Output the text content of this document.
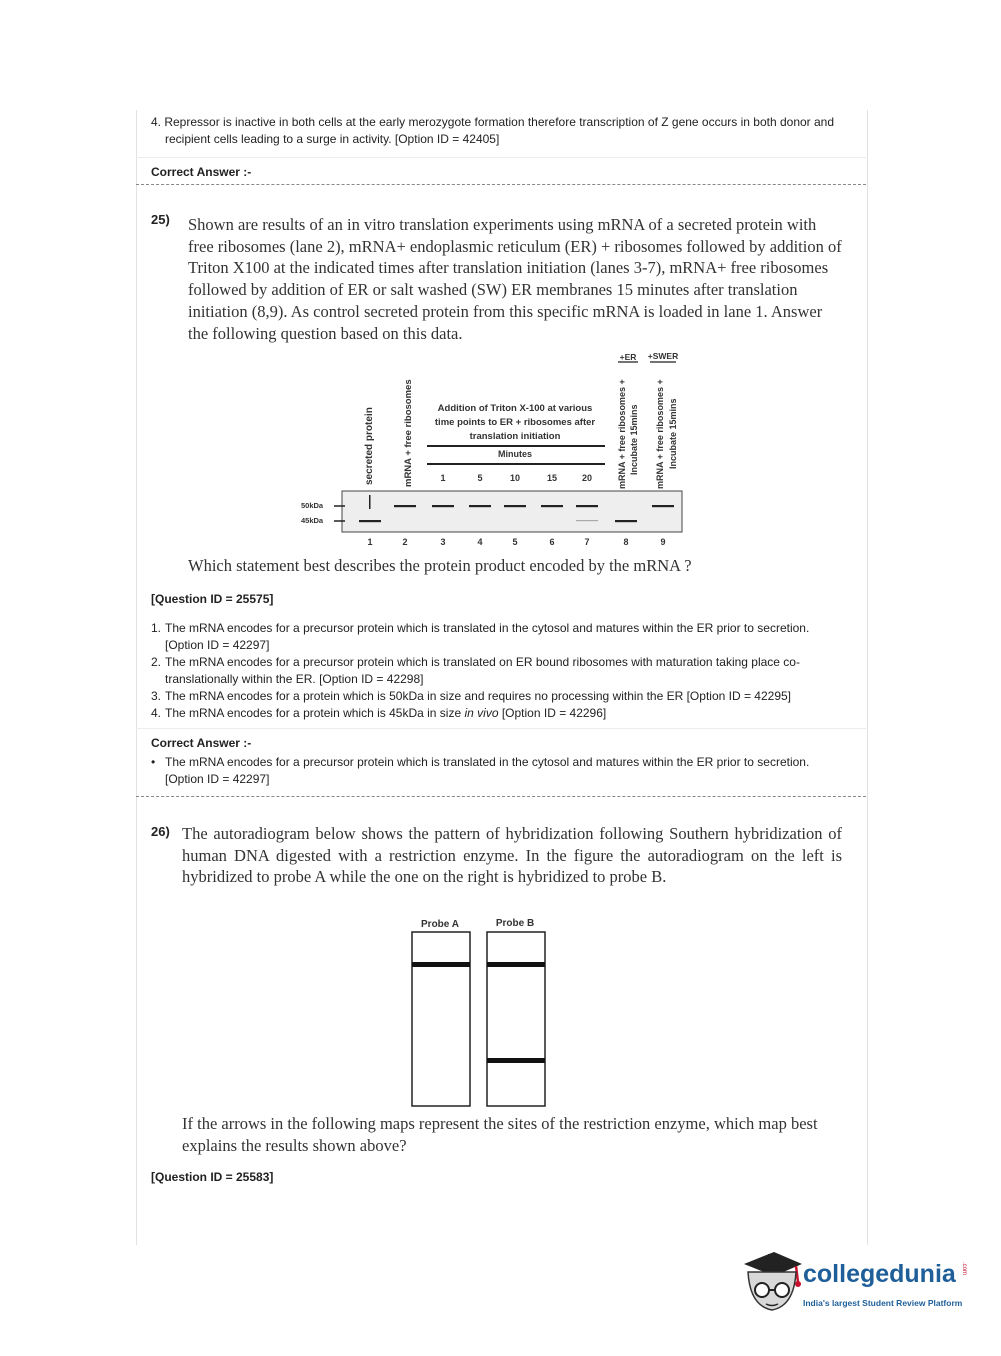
4. Repressor is inactive in both cells at the early merozygote formation therefore transcription of Z gene occurs in both donor and recipient cells leading to a surge in activity. [Option ID = 42405]
Correct Answer :-
25) Shown are results of an in vitro translation experiments using mRNA of a secreted protein with free ribosomes (lane 2), mRNA+ endoplasmic reticulum (ER) + ribosomes followed by addition of Triton X100 at the indicated times after translation initiation (lanes 3-7), mRNA+ free ribosomes followed by addition of ER or salt washed (SW) ER membranes 15 minutes after translation initiation (8,9). As control secreted protein from this specific mRNA is loaded in lane 1. Answer the following question based on this data.
secreted protein	mRNA + free ribosomes Addition of Triton X-100 at various
time points to ER + ribosomes after
translation initiation
Minutes
1	5	10	15	20
+ER +SWER
mRNA + free ribosomes + Incubate 15mins mRNA + free ribosomes + Incubate 15mins
50kDa
45kDa
1	2	3	4	5	6	7	8	9
Which statement best describes the protein product encoded by the mRNA ?
[Question ID = 25575]
1. The mRNA encodes for a precursor protein which is translated in the cytosol and matures within the ER prior to secretion. [Option ID = 42297]
2. The mRNA encodes for a precursor protein which is translated on ER bound ribosomes with maturation taking place co-translationally within the ER. [Option ID = 42298]
3. The mRNA encodes for a protein which is 50kDa in size and requires no processing within the ER [Option ID = 42295]
4. The mRNA encodes for a protein which is 45kDa in size in vivo [Option ID = 42296]
Correct Answer :-
• The mRNA encodes for a precursor protein which is translated in the cytosol and matures within the ER prior to secretion. [Option ID = 42297]
26) The autoradiogram below shows the pattern of hybridization following Southern hybridization of human DNA digested with a restriction enzyme. In the figure the autoradiogram on the left is hybridized to probe A while the one on the right is hybridized to probe B.
Probe A	Probe B
If the arrows in the following maps represent the sites of the restriction enzyme, which map best explains the results shown above?
[Question ID = 25583]
collegedunia .com
India's largest Student Review Platform
